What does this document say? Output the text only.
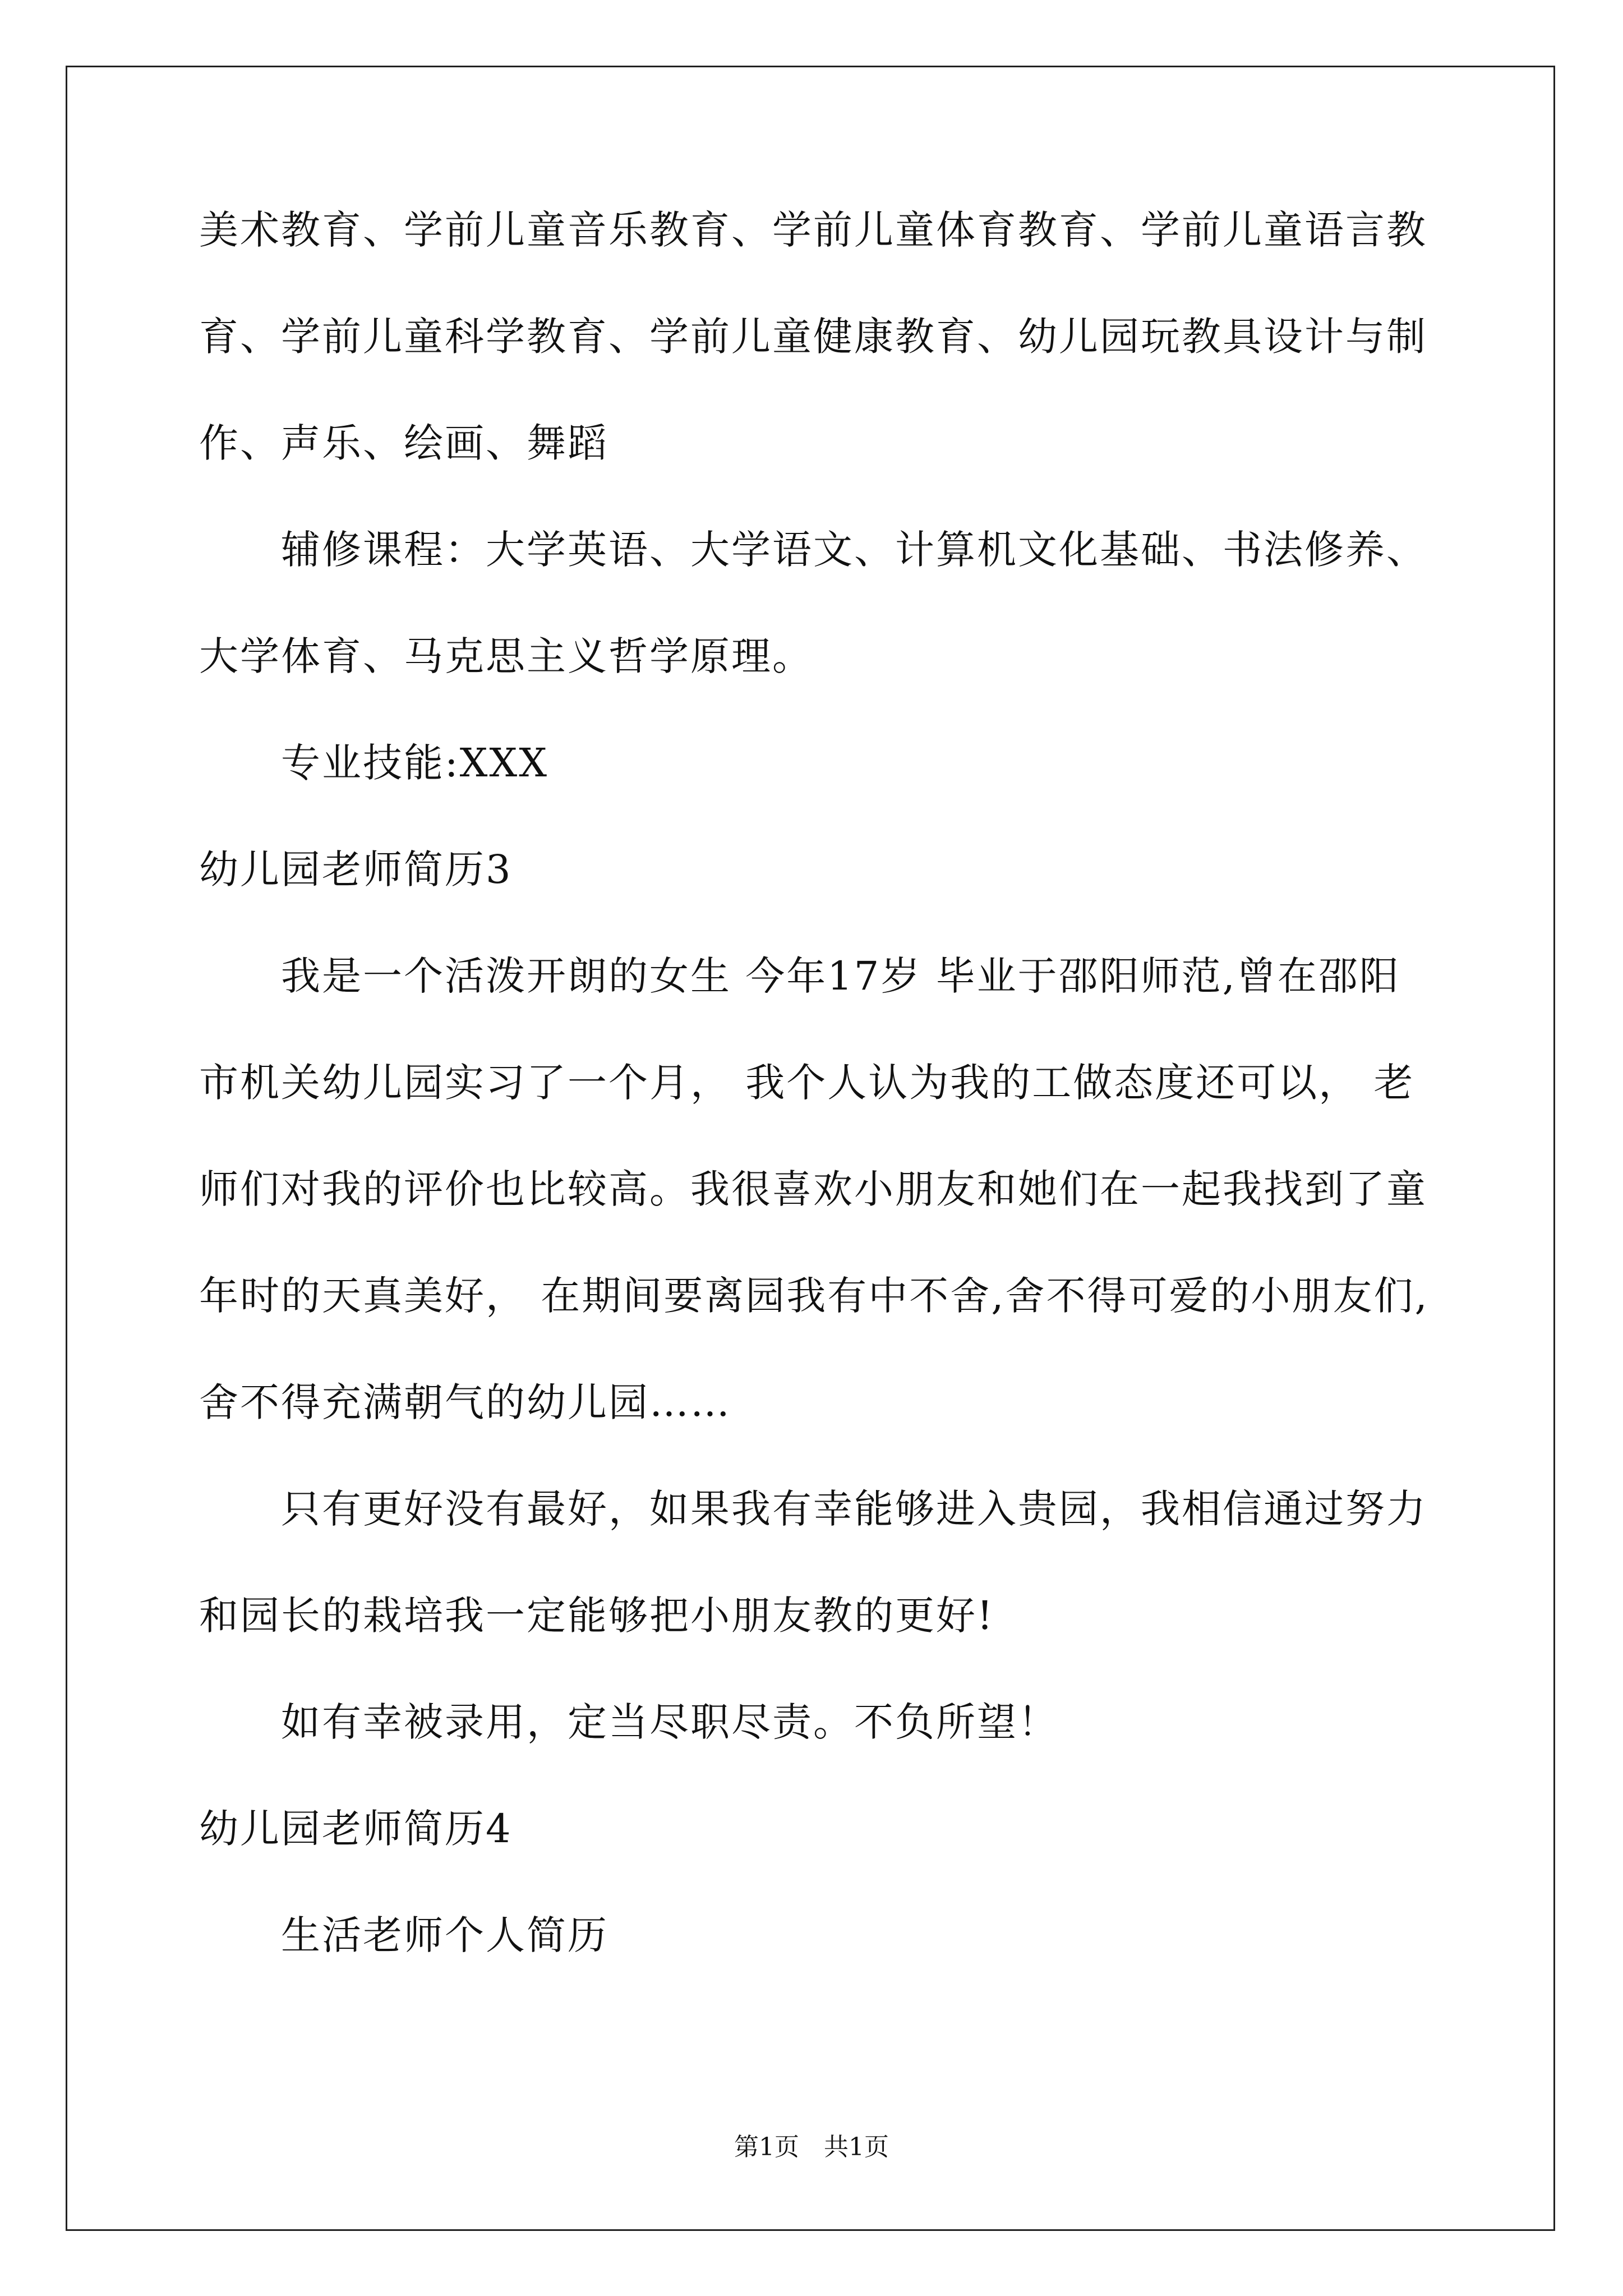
美术教育、学前儿童音乐教育、学前儿童体育教育、学前儿童语言教
育、学前儿童科学教育、学前儿童健康教育、幼儿园玩教具设计与制
作、声乐、绘画、舞蹈
辅修课程：大学英语、大学语文、计算机文化基础、书法修养、
大学体育、马克思主义哲学原理。
专业技能:XXX
幼儿园老师简历3
我是一个活泼开朗的女生 今年17岁 毕业于邵阳师范,曾在邵阳
市机关幼儿园实习了一个月， 我个人认为我的工做态度还可以， 老
师们对我的评价也比较高。我很喜欢小朋友和她们在一起我找到了童
年时的天真美好， 在期间要离园我有中不舍,舍不得可爱的小朋友们,
舍不得充满朝气的幼儿园……
只有更好没有最好，如果我有幸能够进入贵园，我相信通过努力
和园长的栽培我一定能够把小朋友教的更好!
如有幸被录用，定当尽职尽责。不负所望！
幼儿园老师简历4
生活老师个人简历
第1页　共1页
